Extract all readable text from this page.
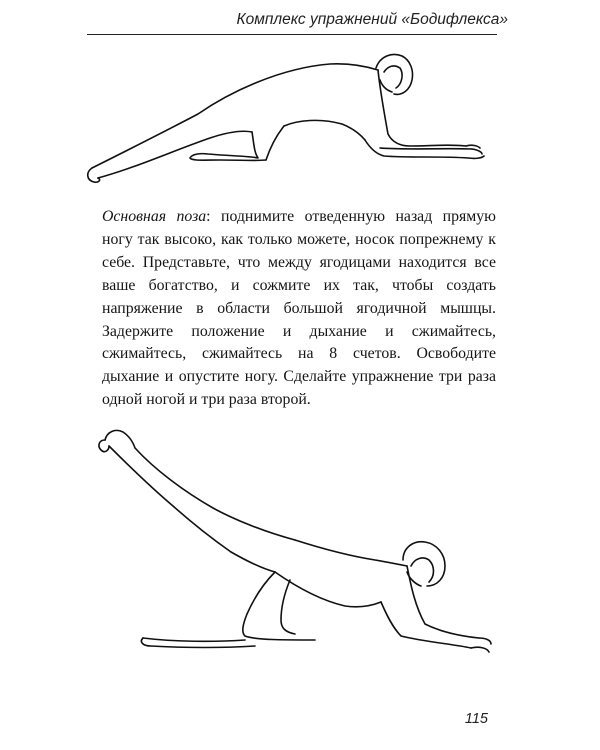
Комплекс упражнений «Бодифлекса»

Основная поза: поднимите отведенную назад прямую ногу так высоко, как только можете, носок попрежнему к себе. Представьте, что между ягодицами находится все ваше богатство, и сожмите их так, чтобы создать напряжение в области большой ягодичной мышцы. Задержите положение и дыхание и сжимайтесь, сжимайтесь, сжимайтесь на 8 счетов. Освободите дыхание и опустите ногу. Сделайте упражнение три раза одной ногой и три раза второй.

115
